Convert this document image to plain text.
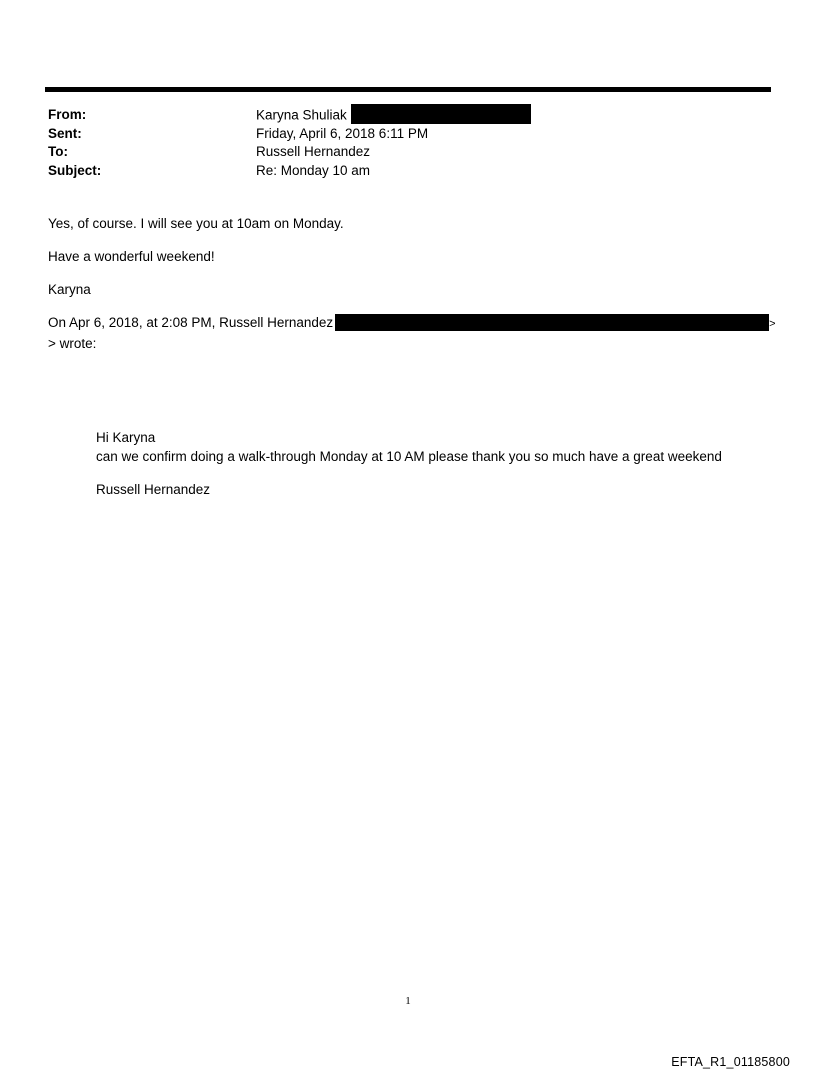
From:	Karyna Shuliak
Sent:	Friday, April 6, 2018 6:11 PM
To:	Russell Hernandez
Subject:	Re: Monday 10 am

Yes, of course. I will see you at 10am on Monday.

Have a wonderful weekend!

Karyna

On Apr 6, 2018, at 2:08 PM, Russell Hernandez	>

> wrote:

Hi Karyna

can we confirm doing a walk-through Monday at 10 AM please thank you so much have a great weekend

Russell Hernandez

1
EFTA_R1_01185800
